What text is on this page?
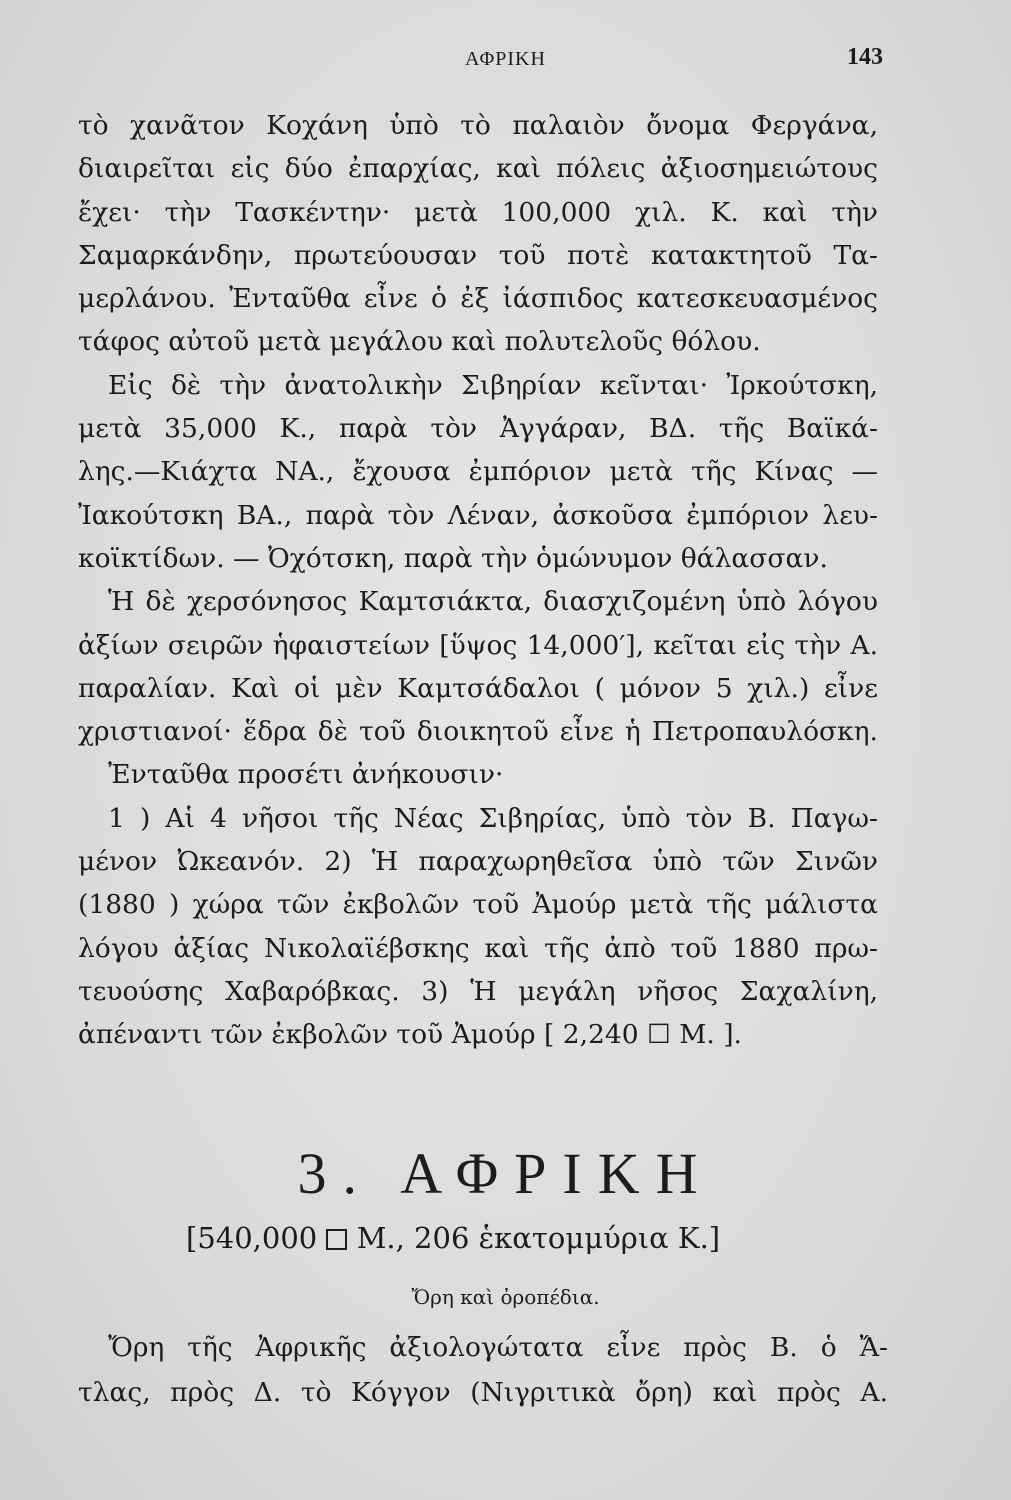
ΑΦΡΙΚΗ	143
τὸ χανᾶτον Κοχάνη ὑπὸ τὸ παλαιὸν ὄνομα Φεργάνα,
διαιρεῖται εἰς δύο ἐπαρχίας, καὶ πόλεις ἀξιοσημειώτους
ἔχει· τὴν Τασκέντην· μετὰ 100,000 χιλ. Κ. καὶ τὴν
Σαμαρκάνδην, πρωτεύουσαν τοῦ ποτὲ κατακτητοῦ Τα-
μερλάνου. Ἐνταῦθα εἶνε ὁ ἐξ ἰάσπιδος κατεσκευασμένος
τάφος αὐτοῦ μετὰ μεγάλου καὶ πολυτελοῦς θόλου.
Εἰς δὲ τὴν ἀνατολικὴν Σιβηρίαν κεῖνται· Ἰρκούτσκη,
μετὰ 35,000 Κ., παρὰ τὸν Ἀγγάραν, ΒΔ. τῆς Βαϊκά-
λης.—Κιάχτα ΝΑ., ἔχουσα ἐμπόριον μετὰ τῆς Κίνας —
Ἰακούτσκη ΒΑ., παρὰ τὸν Λέναν, ἀσκοῦσα ἐμπόριον λευ-
κοϊκτίδων. — Ὀχότσκη, παρὰ τὴν ὁμώνυμον θάλασσαν.
Ἡ δὲ χερσόνησος Καμτσιάκτα, διασχιζομένη ὑπὸ λόγου
ἀξίων σειρῶν ἡφαιστείων [ὕψος 14,000′], κεῖται εἰς τὴν Α.
παραλίαν. Καὶ οἱ μὲν Καμτσάδαλοι ( μόνον 5 χιλ.) εἶνε
χριστιανοί· ἕδρα δὲ τοῦ διοικητοῦ εἶνε ἡ Πετροπαυλόσκη.
Ἐνταῦθα προσέτι ἀνήκουσιν·
1 ) Αἱ 4 νῆσοι τῆς Νέας Σιβηρίας, ὑπὸ τὸν Β. Παγω-
μένον Ὠκεανόν. 2) Ἡ παραχωρηθεῖσα ὑπὸ τῶν Σινῶν
(1880 ) χώρα τῶν ἐκβολῶν τοῦ Ἀμούρ μετὰ τῆς μάλιστα
λόγου ἀξίας Νικολαϊέβσκης καὶ τῆς ἀπὸ τοῦ 1880 πρω-
τευούσης Χαβαρόβκας. 3) Ἡ μεγάλη νῆσος Σαχαλίνη,
ἀπέναντι τῶν ἐκβολῶν τοῦ Ἀμούρ [ 2,240 ☐ Μ. ].
3. ΑΦΡΙΚΗ
[540,000 Μ., 206 ἑκατομμύρια Κ.]
Ὄρη καὶ ὀροπέδια.
Ὄρη τῆς Ἀφρικῆς ἀξιολογώτατα εἶνε πρὸς Β. ὁ Ἄ-
τλας, πρὸς Δ. τὸ Κόγγον (Νιγριτικὰ ὄρη) καὶ πρὸς Α.
